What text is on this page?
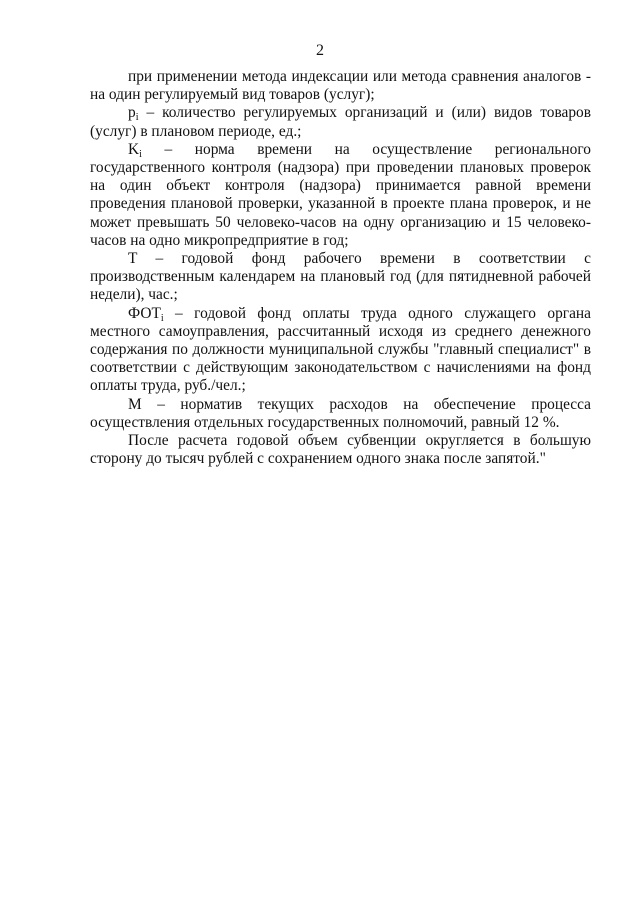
2

при применении метода индексации или метода сравнения аналогов - на один регулируемый вид товаров (услуг);

$p_i$ – количество регулируемых организаций и (или) видов товаров (услуг) в плановом периоде, ед.;

$K_i$ – норма времени на осуществление регионального государственного контроля (надзора) при проведении плановых проверок на один объект контроля (надзора) принимается равной времени проведения плановой проверки, указанной в проекте плана проверок, и не может превышать 50 человеко-часов на одну организацию и 15 человеко-часов на одно микропредприятие в год;

T – годовой фонд рабочего времени в соответствии с производственным календарем на плановый год (для пятидневной рабочей недели), час.;

$ФОТ_i$ – годовой фонд оплаты труда одного служащего органа местного самоуправления, рассчитанный исходя из среднего денежного содержания по должности муниципальной службы "главный специалист" в соответствии с действующим законодательством с начислениями на фонд оплаты труда, руб./чел.;

M – норматив текущих расходов на обеспечение процесса осуществления отдельных государственных полномочий, равный 12 %.

После расчета годовой объем субвенции округляется в большую сторону до тысяч рублей с сохранением одного знака после запятой."
